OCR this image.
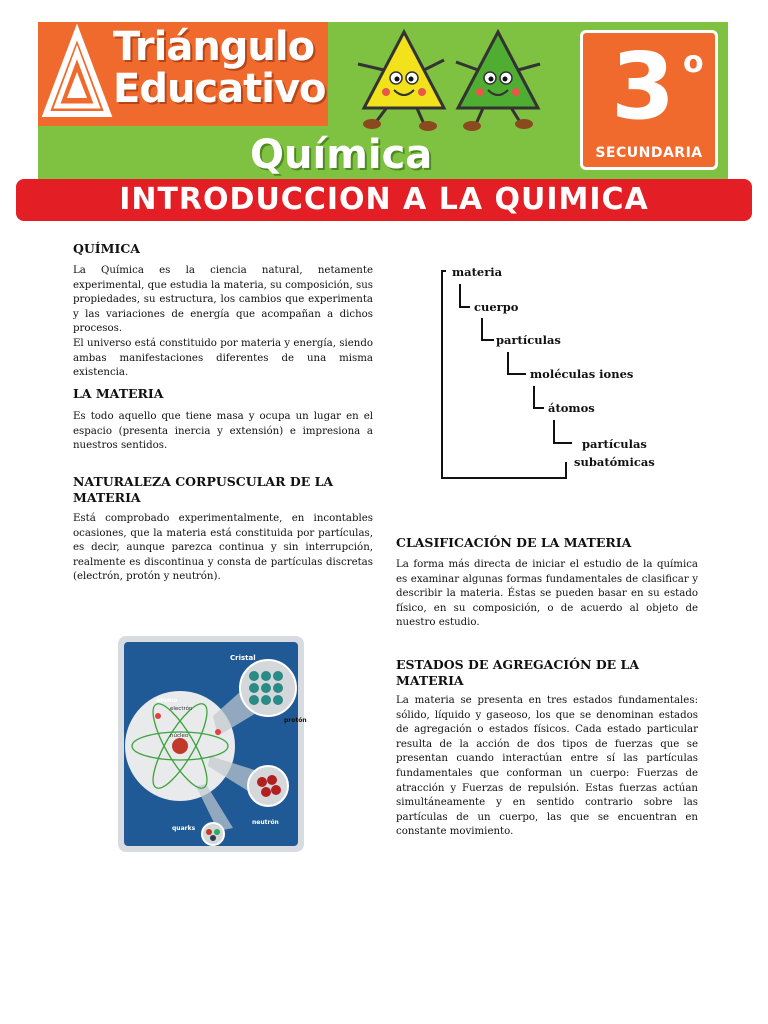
Triángulo
Educativo
Química
3 o
SECUNDARIA
INTRODUCCION A LA QUIMICA
QUÍMICA

La Química es la ciencia natural, netamente experimental, que estudia la materia, su composición, sus propiedades, su estructura, los cambios que experimenta y las variaciones de energía que acompañan a dichos procesos.

El universo está constituido por materia y energía, siendo ambas manifestaciones diferentes de una misma existencia.

LA MATERIA

Es todo aquello que tiene masa y ocupa un lugar en el espacio (presenta inercia y extensión) e impresiona a nuestros sentidos.

NATURALEZA CORPUSCULAR DE LA MATERIA

Está comprobado experimentalmente, en incontables ocasiones, que la materia está constituida por partículas, es decir, aunque parezca continua y sin interrupción, realmente es discontinua y consta de partículas discretas (electrón, protón y neutrón).

Cristal
átomo
electrón
núcleo
protón
neutrón
quarks
materia
cuerpo
partículas
moléculas iones
átomos
partículas
subatómicas
CLASIFICACIÓN DE LA MATERIA

La forma más directa de iniciar el estudio de la química es examinar algunas formas fundamentales de clasificar y describir la materia. Éstas se pueden basar en su estado físico, en su composición, o de acuerdo al objeto de nuestro estudio.

ESTADOS DE AGREGACIÓN DE LA MATERIA

La materia se presenta en tres estados fundamentales: sólido, líquido y gaseoso, los que se denominan estados de agregación o estados físicos. Cada estado particular resulta de la acción de dos tipos de fuerzas que se presentan cuando interactúan entre sí las partículas fundamentales que conforman un cuerpo: Fuerzas de atracción y Fuerzas de repulsión. Estas fuerzas actúan simultáneamente y en sentido contrario sobre las partículas de un cuerpo, las que se encuentran en constante movimiento.
